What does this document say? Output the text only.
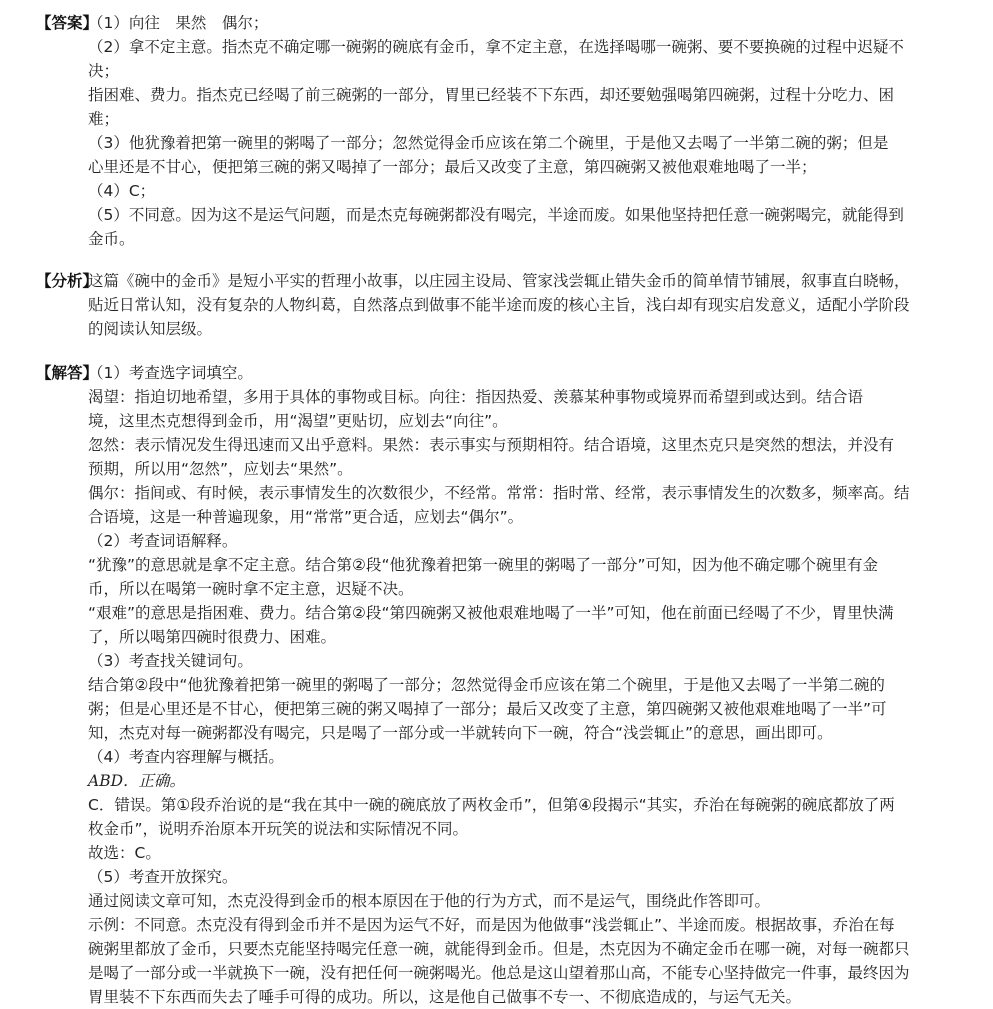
【答案】
（1）向往　果然　偶尔；
（2）拿不定主意。指杰克不确定哪一碗粥的碗底有金币，拿不定主意，在选择喝哪一碗粥、要不要换碗的过程中迟疑不
决；
指困难、费力。指杰克已经喝了前三碗粥的一部分，胃里已经装不下东西，却还要勉强喝第四碗粥，过程十分吃力、困
难；
（3）他犹豫着把第一碗里的粥喝了一部分；忽然觉得金币应该在第二个碗里，于是他又去喝了一半第二碗的粥；但是
心里还是不甘心，便把第三碗的粥又喝掉了一部分；最后又改变了主意，第四碗粥又被他艰难地喝了一半；
（4）C；
（5）不同意。因为这不是运气问题，而是杰克每碗粥都没有喝完，半途而废。如果他坚持把任意一碗粥喝完，就能得到
金币。
【分析】
这篇《碗中的金币》是短小平实的哲理小故事，以庄园主设局、管家浅尝辄止错失金币的简单情节铺展，叙事直白晓畅，
贴近日常认知，没有复杂的人物纠葛，自然落点到做事不能半途而废的核心主旨，浅白却有现实启发意义，适配小学阶段
的阅读认知层级。
【解答】
（1）考查选字词填空。
渴望：指迫切地希望，多用于具体的事物或目标。向往：指因热爱、羡慕某种事物或境界而希望到或达到。结合语
境，这里杰克想得到金币，用“渴望”更贴切，应划去“向往”。
忽然：表示情况发生得迅速而又出乎意料。果然：表示事实与预期相符。结合语境，这里杰克只是突然的想法，并没有
预期，所以用“忽然”，应划去“果然”。
偶尔：指间或、有时候，表示事情发生的次数很少，不经常。常常：指时常、经常，表示事情发生的次数多，频率高。结
合语境，这是一种普遍现象，用“常常”更合适，应划去“偶尔”。
（2）考查词语解释。
“犹豫”的意思就是拿不定主意。结合第②段“他犹豫着把第一碗里的粥喝了一部分”可知，因为他不确定哪个碗里有金
币，所以在喝第一碗时拿不定主意，迟疑不决。
“艰难”的意思是指困难、费力。结合第②段“第四碗粥又被他艰难地喝了一半”可知，他在前面已经喝了不少，胃里快满
了，所以喝第四碗时很费力、困难。
（3）考查找关键词句。
结合第②段中“他犹豫着把第一碗里的粥喝了一部分；忽然觉得金币应该在第二个碗里，于是他又去喝了一半第二碗的
粥；但是心里还是不甘心，便把第三碗的粥又喝掉了一部分；最后又改变了主意，第四碗粥又被他艰难地喝了一半”可
知，杰克对每一碗粥都没有喝完，只是喝了一部分或一半就转向下一碗，符合“浅尝辄止”的意思，画出即可。
（4）考查内容理解与概括。
ABD．正确。
C．错误。第①段乔治说的是“我在其中一碗的碗底放了两枚金币”，但第④段揭示“其实，乔治在每碗粥的碗底都放了两
枚金币”，说明乔治原本开玩笑的说法和实际情况不同。
故选：C。
（5）考查开放探究。
通过阅读文章可知，杰克没得到金币的根本原因在于他的行为方式，而不是运气，围绕此作答即可。
示例：不同意。杰克没有得到金币并不是因为运气不好，而是因为他做事“浅尝辄止”、半途而废。根据故事，乔治在每
碗粥里都放了金币，只要杰克能坚持喝完任意一碗，就能得到金币。但是，杰克因为不确定金币在哪一碗，对每一碗都只
是喝了一部分或一半就换下一碗，没有把任何一碗粥喝光。他总是这山望着那山高，不能专心坚持做完一件事，最终因为
胃里装不下东西而失去了唾手可得的成功。所以，这是他自己做事不专一、不彻底造成的，与运气无关。
